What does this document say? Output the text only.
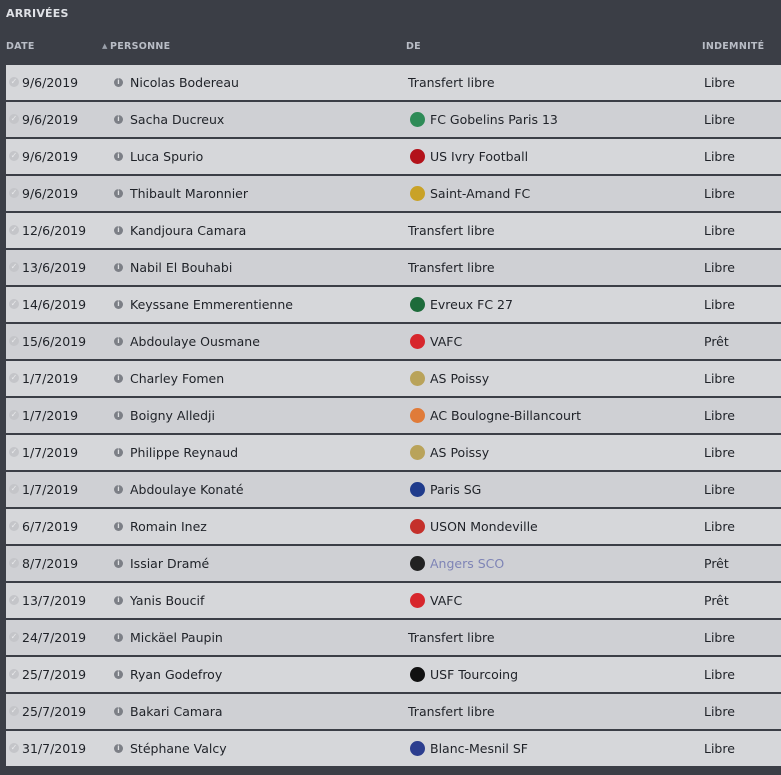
ARRIVÉES
DATE	▲ PERSONNE	DE	INDEMNITÉ
✓ 9/6/2019	i Nicolas Bodereau	Transfert libre	Libre
✓ 9/6/2019	i Sacha Ducreux	FC Gobelins Paris 13	Libre
✓ 9/6/2019	i Luca Spurio	US Ivry Football	Libre
✓ 9/6/2019	i Thibault Maronnier	Saint-Amand FC	Libre
✓ 12/6/2019	i Kandjoura Camara	Transfert libre	Libre
✓ 13/6/2019	i Nabil El Bouhabi	Transfert libre	Libre
✓ 14/6/2019	i Keyssane Emmerentienne	Evreux FC 27	Libre
✓ 15/6/2019	i Abdoulaye Ousmane	VAFC	Prêt
✓ 1/7/2019	i Charley Fomen	AS Poissy	Libre
✓ 1/7/2019	i Boigny Alledji	AC Boulogne-Billancourt	Libre
✓ 1/7/2019	i Philippe Reynaud	AS Poissy	Libre
✓ 1/7/2019	i Abdoulaye Konaté	Paris SG	Libre
✓ 6/7/2019	i Romain Inez	USON Mondeville	Libre
✓ 8/7/2019	i Issiar Dramé	Angers SCO	Prêt
✓ 13/7/2019	i Yanis Boucif	VAFC	Prêt
✓ 24/7/2019	i Mickäel Paupin	Transfert libre	Libre
✓ 25/7/2019	i Ryan Godefroy	USF Tourcoing	Libre
✓ 25/7/2019	i Bakari Camara	Transfert libre	Libre
✓ 31/7/2019	i Stéphane Valcy	Blanc-Mesnil SF	Libre
